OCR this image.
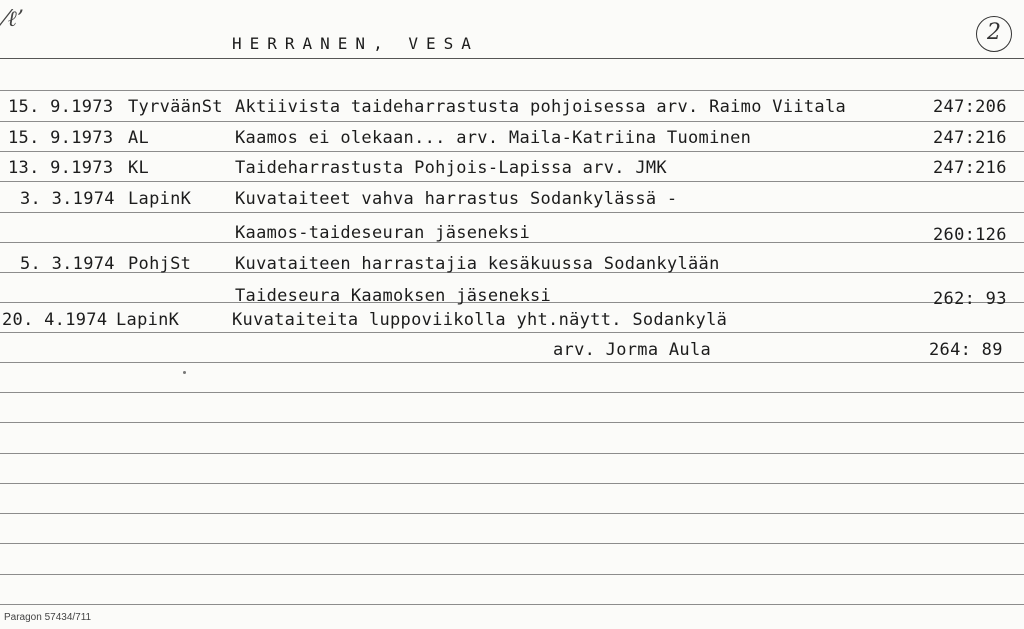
⁄ℓ’
HERRANEN, VESA	2
15. 9.1973 TyrväänSt Aktiivista taideharrastusta pohjoisessa arv. Raimo Viitala	247:206
15. 9.1973 AL	Kaamos ei olekaan... arv. Maila-Katriina Tuominen	247:216
13. 9.1973 KL	Taideharrastusta Pohjois-Lapissa arv. JMK	247:216
3. 3.1974 LapinK	Kuvataiteet vahva harrastus Sodankylässä -
Kaamos-taideseuran jäseneksi	260:126
5. 3.1974 PohjSt	Kuvataiteen harrastajia kesäkuussa Sodankylään
Taideseura Kaamoksen jäseneksi	262: 93
20. 4.1974 LapinK	Kuvataiteita luppoviikolla yht.näytt. Sodankylä
arv. Jorma Aula	264: 89
Paragon 57434/711
